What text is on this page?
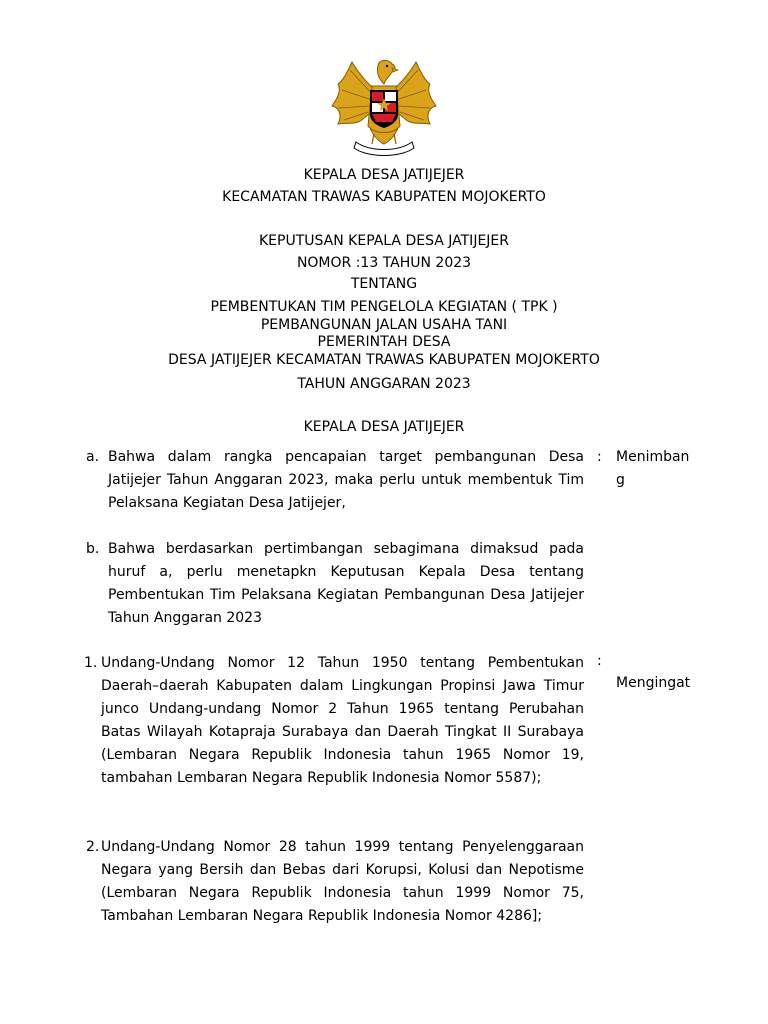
KEPALA DESA JATIJEJER
KECAMATAN TRAWAS KABUPATEN MOJOKERTO
KEPUTUSAN KEPALA DESA JATIJEJER
NOMOR :13 TAHUN 2023
TENTANG
PEMBENTUKAN TIM PENGELOLA KEGIATAN ( TPK )
PEMBANGUNAN JALAN USAHA TANI
PEMERINTAH DESA
DESA JATIJEJER KECAMATAN TRAWAS KABUPATEN MOJOKERTO
TAHUN ANGGARAN 2023
KEPALA DESA JATIJEJER
a. Bahwa dalam rangka pencapaian target pembangunan Desa Jatijejer Tahun Anggaran 2023, maka perlu untuk membentuk Tim Pelaksana Kegiatan Desa Jatijejer,
b. Bahwa berdasarkan pertimbangan sebagimana dimaksud pada huruf a, perlu menetapkn Keputusan Kepala Desa tentang Pembentukan Tim Pelaksana Kegiatan Pembangunan Desa Jatijejer Tahun Anggaran 2023
: Menimban
g
1. Undang-Undang Nomor 12 Tahun 1950 tentang Pembentukan Daerah–daerah Kabupaten dalam Lingkungan Propinsi Jawa Timur junco Undang-undang Nomor 2 Tahun 1965 tentang Perubahan Batas Wilayah Kotapraja Surabaya dan Daerah Tingkat II Surabaya (Lembaran Negara Republik Indonesia tahun 1965 Nomor 19, tambahan Lembaran Negara Republik Indonesia Nomor 5587);
2. Undang-Undang Nomor 28 tahun 1999 tentang Penyelenggaraan Negara yang Bersih dan Bebas dari Korupsi, Kolusi dan Nepotisme (Lembaran Negara Republik Indonesia tahun 1999 Nomor 75, Tambahan Lembaran Negara Republik Indonesia Nomor 4286];
:
Mengingat
